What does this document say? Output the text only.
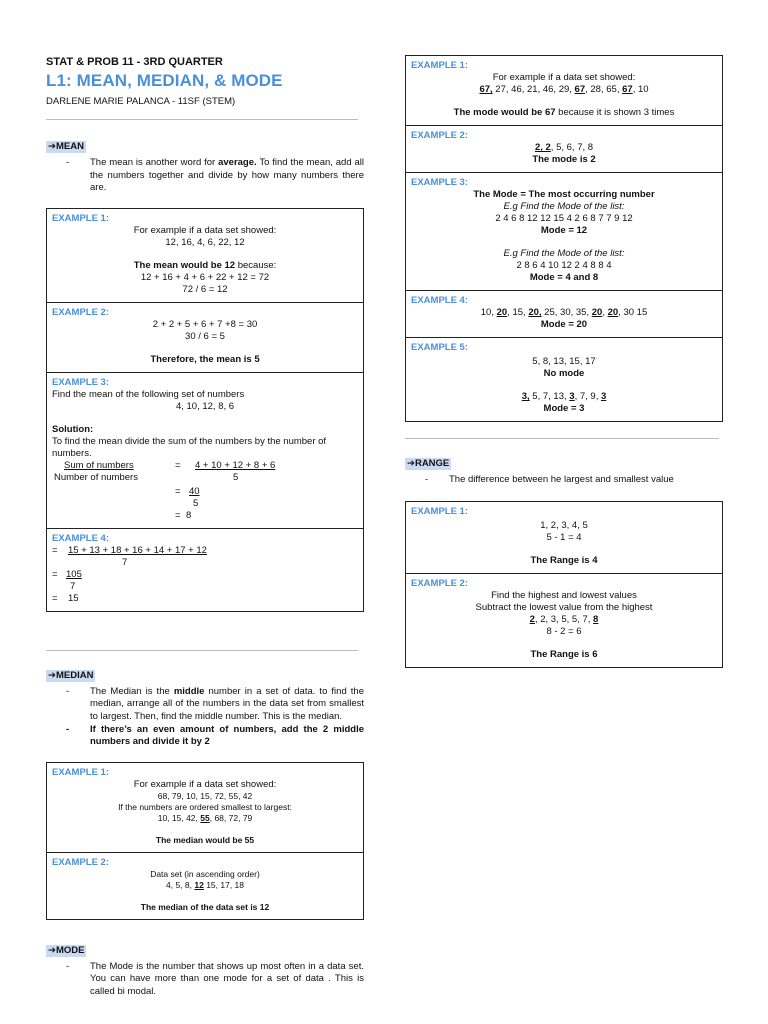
STAT & PROB 11 - 3RD QUARTER
L1: MEAN, MEDIAN, & MODE
DARLENE MARIE PALANCA - 11SF (STEM)
➔MEAN
- The mean is another word for average. To find the mean, add all the numbers together and divide by how many numbers there are.
EXAMPLE 1:
For example if a data set showed:
12, 16, 4, 6, 22, 12
The mean would be 12 because:
12 + 16 + 4 + 6 + 22 + 12 = 72
72 / 6 = 12
EXAMPLE 2:
2 + 2 + 5 + 6 + 7 +8 = 30
30 / 6 = 5
Therefore, the mean is 5
EXAMPLE 3:
Find the mean of the following set of numbers
4, 10, 12, 8, 6
Solution:
To find the mean divide the sum of the numbers by the number of numbers.
Sum of numbers	= 4 + 10 + 12 + 8 + 6
Number of numbers	5
= 40
5
= 8
EXAMPLE 4:
= 15 + 13 + 18 + 16 + 14 + 17 + 12
7
= 105
7
= 15
➔MEDIAN
- The Median is the middle number in a set of data. to find the median, arrange all of the numbers in the data set from smallest to largest. Then, find the middle number. This is the median.
- If there’s an even amount of numbers, add the 2 middle numbers and divide it by 2
EXAMPLE 1:
For example if a data set showed:
68, 79, 10, 15, 72, 55, 42
If the numbers are ordered smallest to largest:
10, 15, 42, 55, 68, 72, 79
The median would be 55
EXAMPLE 2:
Data set (in ascending order)
4, 5, 8, 12 15, 17, 18
The median of the data set is 12
➔MODE
- The Mode is the number that shows up most often in a data set. You can have more than one mode for a set of data . This is called bi modal.
EXAMPLE 1:
For example if a data set showed:
67, 27, 46, 21, 46, 29, 67, 28, 65, 67, 10
The mode would be 67 because it is shown 3 times
EXAMPLE 2:
2, 2, 5, 6, 7, 8
The mode is 2
EXAMPLE 3:
The Mode = The most occurring number
E.g Find the Mode of the list:
2 4 6 8 12 12 15 4 2 6 8 7 7 9 12
Mode = 12
E.g Find the Mode of the list:
2 8 6 4 10 12 2 4 8 8 4
Mode = 4 and 8
EXAMPLE 4:
10, 20, 15, 20, 25, 30, 35, 20, 20, 30 15
Mode = 20
EXAMPLE 5:
5, 8, 13, 15, 17
No mode
3, 5, 7, 13, 3, 7, 9, 3
Mode = 3
➔RANGE
- The difference between he largest and smallest value
EXAMPLE 1:
1, 2, 3, 4, 5
5 - 1 = 4
The Range is 4
EXAMPLE 2:
Find the highest and lowest values
Subtract the lowest value from the highest
2, 2, 3, 5, 5, 7, 8
8 - 2 = 6
The Range is 6
